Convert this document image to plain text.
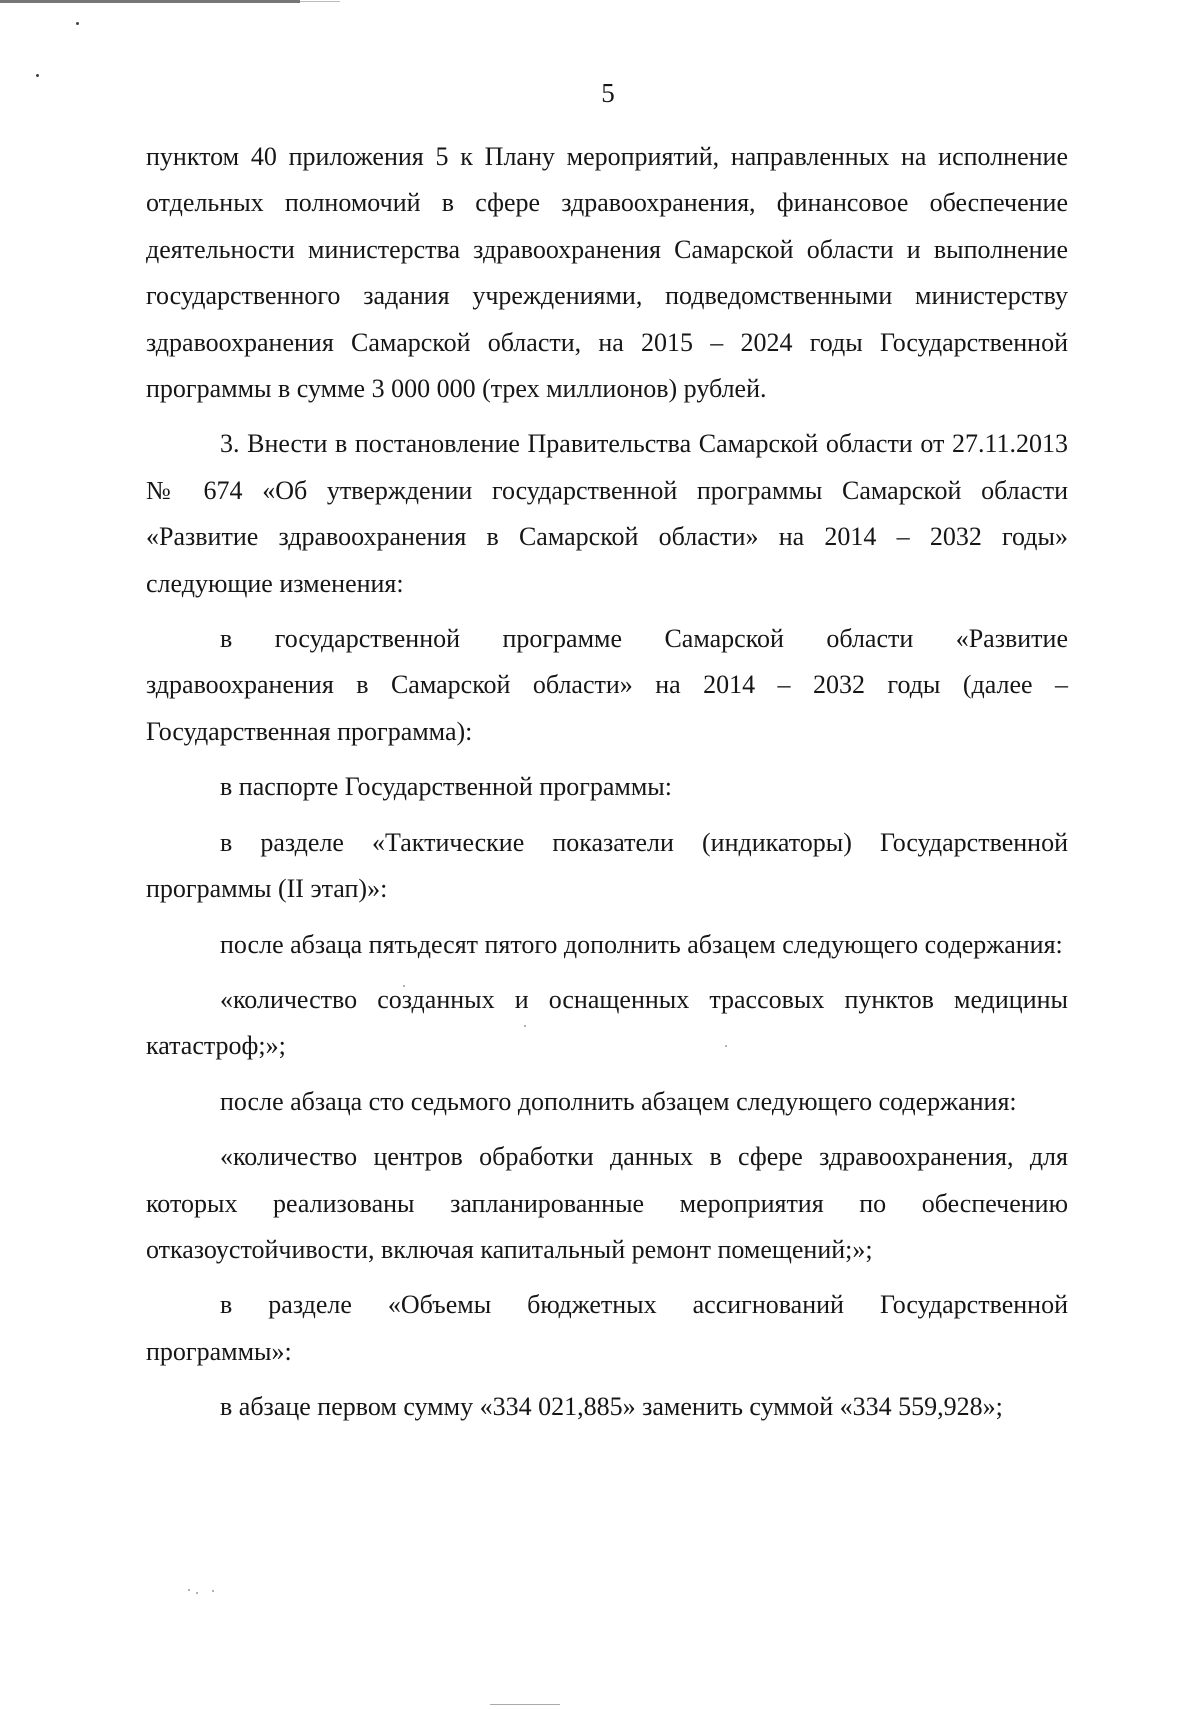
5

пунктом 40 приложения 5 к Плану мероприятий, направленных на исполнение отдельных полномочий в сфере здравоохранения, финансовое обеспечение деятельности министерства здравоохранения Самарской области и выполнение государственного задания учреждениями, подведомственными министерству здравоохранения Самарской области, на 2015 – 2024 годы Государственной программы в сумме 3 000 000 (трех миллионов) рублей.

3. Внести в постановление Правительства Самарской области от 27.11.2013 № 674 «Об утверждении государственной программы Самарской области «Развитие здравоохранения в Самарской области» на 2014 – 2032 годы» следующие изменения:

в государственной программе Самарской области «Развитие здравоохранения в Самарской области» на 2014 – 2032 годы (далее – Государственная программа):

в паспорте Государственной программы:

в разделе «Тактические показатели (индикаторы) Государственной программы (II этап)»:

после абзаца пятьдесят пятого дополнить абзацем следующего содержания:

«количество созданных и оснащенных трассовых пунктов медицины катастроф;»;

после абзаца сто седьмого дополнить абзацем следующего содержания:

«количество центров обработки данных в сфере здравоохранения, для которых реализованы запланированные мероприятия по обеспечению отказоустойчивости, включая капитальный ремонт помещений;»;

в разделе «Объемы бюджетных ассигнований Государственной программы»:

в абзаце первом сумму «334 021,885» заменить суммой «334 559,928»;
